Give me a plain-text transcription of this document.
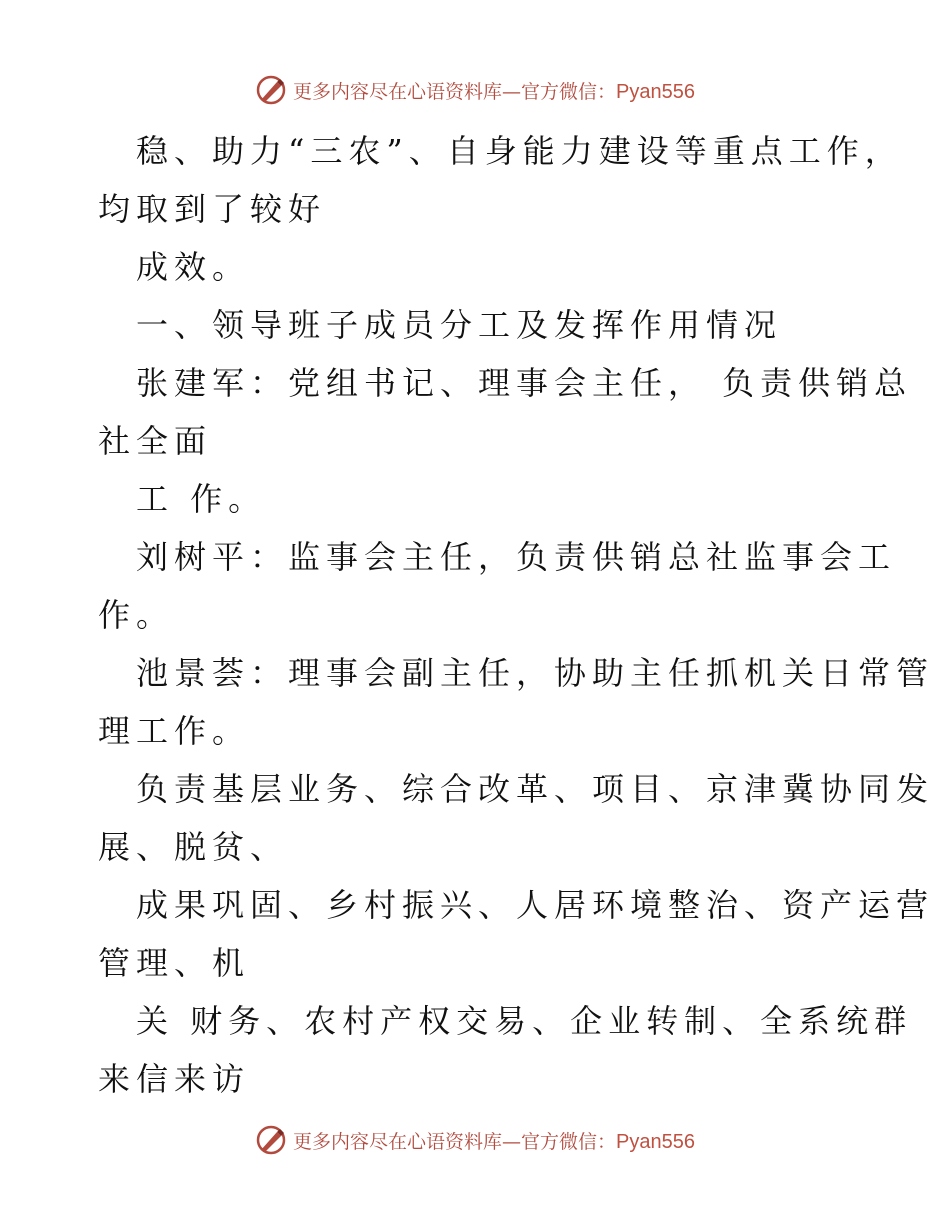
更多内容尽在心语资料库—官方微信：Pyan556
稳、助力“三农”、自身能力建设等重点工作，
均取到了较好
成效。
一、领导班子成员分工及发挥作用情况
张建军：党组书记、理事会主任， 负责供销总
社全面
工 作。
刘树平：监事会主任，负责供销总社监事会工
作。
池景荟：理事会副主任，协助主任抓机关日常管
理工作。
负责基层业务、综合改革、项目、京津冀协同发
展、脱贫、
成果巩固、乡村振兴、人居环境整治、资产运营
管理、机
关 财务、农村产权交易、企业转制、全系统群
来信来访
更多内容尽在心语资料库—官方微信：Pyan556
